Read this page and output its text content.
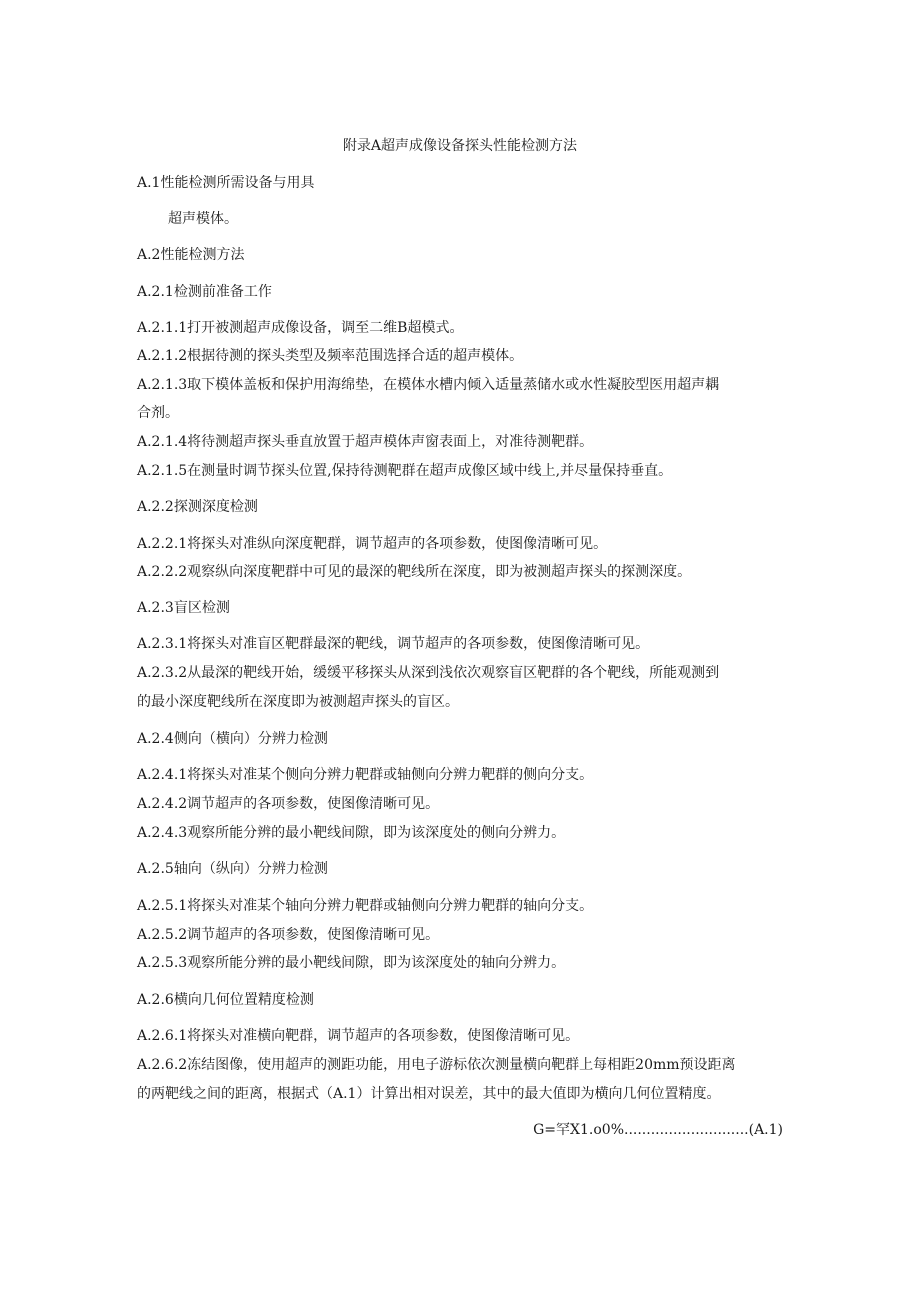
附录A超声成像设备探头性能检测方法
A.1性能检测所需设备与用具
超声模体。
A.2性能检测方法
A.2.1检测前准备工作
A.2.1.1打开被测超声成像设备，调至二维B超模式。
A.2.1.2根据待测的探头类型及频率范围选择合适的超声模体。
A.2.1.3取下模体盖板和保护用海绵垫，在模体水槽内倾入适量蒸储水或水性凝胶型医用超声耦
合剂。
A.2.1.4将待测超声探头垂直放置于超声模体声窗表面上，对准待测靶群。
A.2.1.5在测量时调节探头位置,保持待测靶群在超声成像区域中线上,并尽量保持垂直。
A.2.2探测深度检测
A.2.2.1将探头对准纵向深度靶群，调节超声的各项参数，使图像清晰可见。
A.2.2.2观察纵向深度靶群中可见的最深的靶线所在深度，即为被测超声探头的探测深度。
A.2.3盲区检测
A.2.3.1将探头对准盲区靶群最深的靶线，调节超声的各项参数，使图像清晰可见。
A.2.3.2从最深的靶线开始，缓缓平移探头从深到浅依次观察盲区靶群的各个靶线，所能观测到
的最小深度靶线所在深度即为被测超声探头的盲区。
A.2.4侧向（横向）分辨力检测
A.2.4.1将探头对准某个侧向分辨力靶群或轴侧向分辨力靶群的侧向分支。
A.2.4.2调节超声的各项参数，使图像清晰可见。
A.2.4.3观察所能分辨的最小靶线间隙，即为该深度处的侧向分辨力。
A.2.5轴向（纵向）分辨力检测
A.2.5.1将探头对准某个轴向分辨力靶群或轴侧向分辨力靶群的轴向分支。
A.2.5.2调节超声的各项参数，使图像清晰可见。
A.2.5.3观察所能分辨的最小靶线间隙，即为该深度处的轴向分辨力。
A.2.6横向几何位置精度检测
A.2.6.1将探头对准横向靶群，调节超声的各项参数，使图像清晰可见。
A.2.6.2冻结图像，使用超声的测距功能，用电子游标依次测量横向靶群上每相距20mm预设距离
的两靶线之间的距离，根据式（A.1）计算出相对误差，其中的最大值即为横向几何位置精度。
G=罕X1.o0%............................(A.1)
